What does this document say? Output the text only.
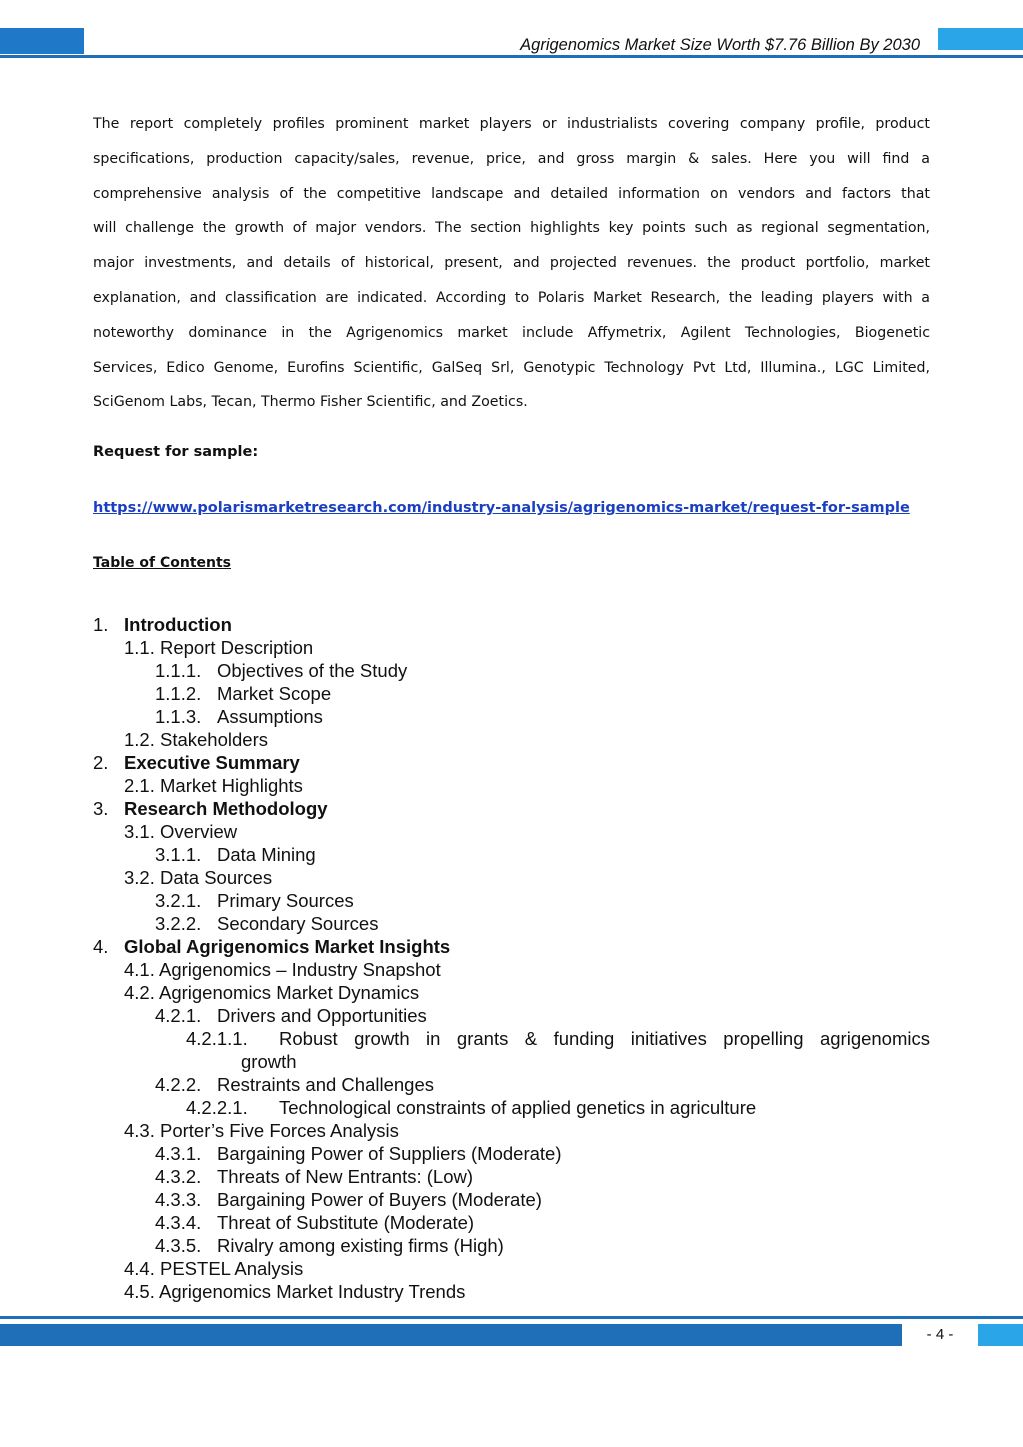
Agrigenomics Market Size Worth $7.76 Billion By 2030
The report completely profiles prominent market players or industrialists covering company profile, product
specifications, production capacity/sales, revenue, price, and gross margin & sales. Here you will find a
comprehensive analysis of the competitive landscape and detailed information on vendors and factors that
will challenge the growth of major vendors. The section highlights key points such as regional segmentation,
major investments, and details of historical, present, and projected revenues. the product portfolio, market
explanation, and classification are indicated. According to Polaris Market Research, the leading players with a
noteworthy dominance in the Agrigenomics market include Affymetrix, Agilent Technologies, Biogenetic
Services, Edico Genome, Eurofins Scientific, GalSeq Srl, Genotypic Technology Pvt Ltd, Illumina., LGC Limited,
SciGenom Labs, Tecan, Thermo Fisher Scientific, and Zoetics.
Request for sample:
https://www.polarismarketresearch.com/industry-analysis/agrigenomics-market/request-for-sample
Table of Contents
1. Introduction
1.1. Report Description
1.1.1. Objectives of the Study
1.1.2. Market Scope
1.1.3. Assumptions
1.2. Stakeholders
2. Executive Summary
2.1. Market Highlights
3. Research Methodology
3.1. Overview
3.1.1. Data Mining
3.2. Data Sources
3.2.1. Primary Sources
3.2.2. Secondary Sources
4. Global Agrigenomics Market Insights
4.1. Agrigenomics – Industry Snapshot
4.2. Agrigenomics Market Dynamics
4.2.1. Drivers and Opportunities
4.2.1.1. Robust growth in grants & funding initiatives propelling agrigenomics
growth
4.2.2. Restraints and Challenges
4.2.2.1. Technological constraints of applied genetics in agriculture
4.3. Porter’s Five Forces Analysis
4.3.1. Bargaining Power of Suppliers (Moderate)
4.3.2. Threats of New Entrants: (Low)
4.3.3. Bargaining Power of Buyers (Moderate)
4.3.4. Threat of Substitute (Moderate)
4.3.5. Rivalry among existing firms (High)
4.4. PESTEL Analysis
4.5. Agrigenomics Market Industry Trends
- 4 -
